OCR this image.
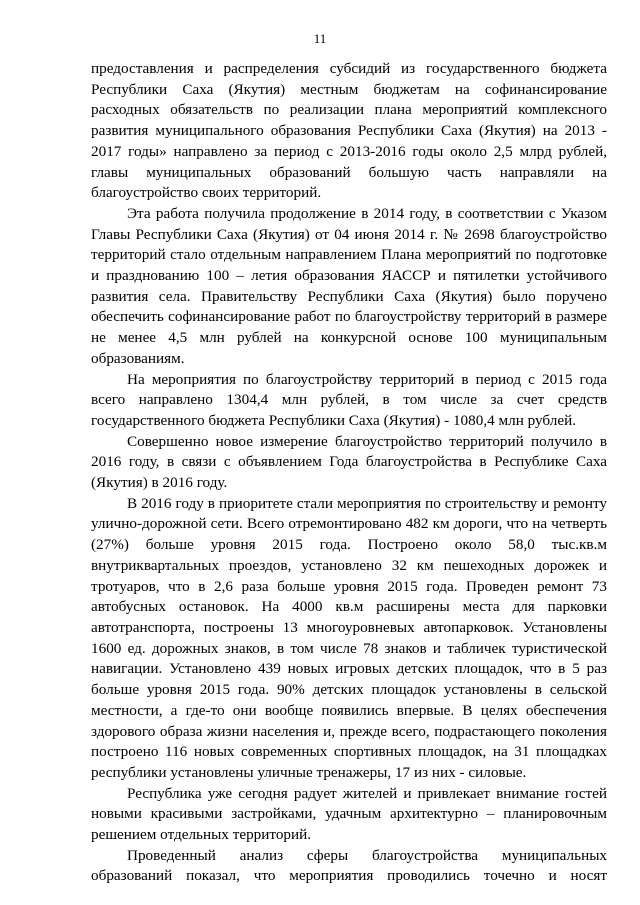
11

предоставления и распределения субсидий из государственного бюджета Республики Саха (Якутия) местным бюджетам на софинансирование расходных обязательств по реализации плана мероприятий комплексного развития муниципального образования Республики Саха (Якутия) на 2013 - 2017 годы» направлено за период с 2013-2016 годы около 2,5 млрд рублей, главы муниципальных образований большую часть направляли на благоустройство своих территорий.

Эта работа получила продолжение в 2014 году, в соответствии с Указом Главы Республики Саха (Якутия) от 04 июня 2014 г. № 2698 благоустройство территорий стало отдельным направлением Плана мероприятий по подготовке и празднованию 100 – летия образования ЯАССР и пятилетки устойчивого развития села. Правительству Республики Саха (Якутия) было поручено обеспечить софинансирование работ по благоустройству территорий в размере не менее 4,5 млн рублей на конкурсной основе 100 муниципальным образованиям.

На мероприятия по благоустройству территорий в период с 2015 года всего направлено 1304,4 млн рублей, в том числе за счет средств государственного бюджета Республики Саха (Якутия) - 1080,4 млн рублей.

Совершенно новое измерение благоустройство территорий получило в 2016 году, в связи с объявлением Года благоустройства в Республике Саха (Якутия) в 2016 году.

В 2016 году в приоритете стали мероприятия по строительству и ремонту улично-дорожной сети. Всего отремонтировано 482 км дороги, что на четверть (27%) больше уровня 2015 года. Построено около 58,0 тыс.кв.м внутриквартальных проездов, установлено 32 км пешеходных дорожек и тротуаров, что в 2,6 раза больше уровня 2015 года. Проведен ремонт 73 автобусных остановок. На 4000 кв.м расширены места для парковки автотранспорта, построены 13 многоуровневых автопарковок. Установлены 1600 ед. дорожных знаков, в том числе 78 знаков и табличек туристической навигации. Установлено 439 новых игровых детских площадок, что в 5 раз больше уровня 2015 года. 90% детских площадок установлены в сельской местности, а где-то они вообще появились впервые. В целях обеспечения здорового образа жизни населения и, прежде всего, подрастающего поколения построено 116 новых современных спортивных площадок, на 31 площадках республики установлены уличные тренажеры, 17 из них - силовые.

Республика уже сегодня радует жителей и привлекает внимание гостей новыми красивыми застройками, удачным архитектурно – планировочным решением отдельных территорий.

Проведенный анализ сферы благоустройства муниципальных образований показал, что мероприятия проводились точечно и носят
